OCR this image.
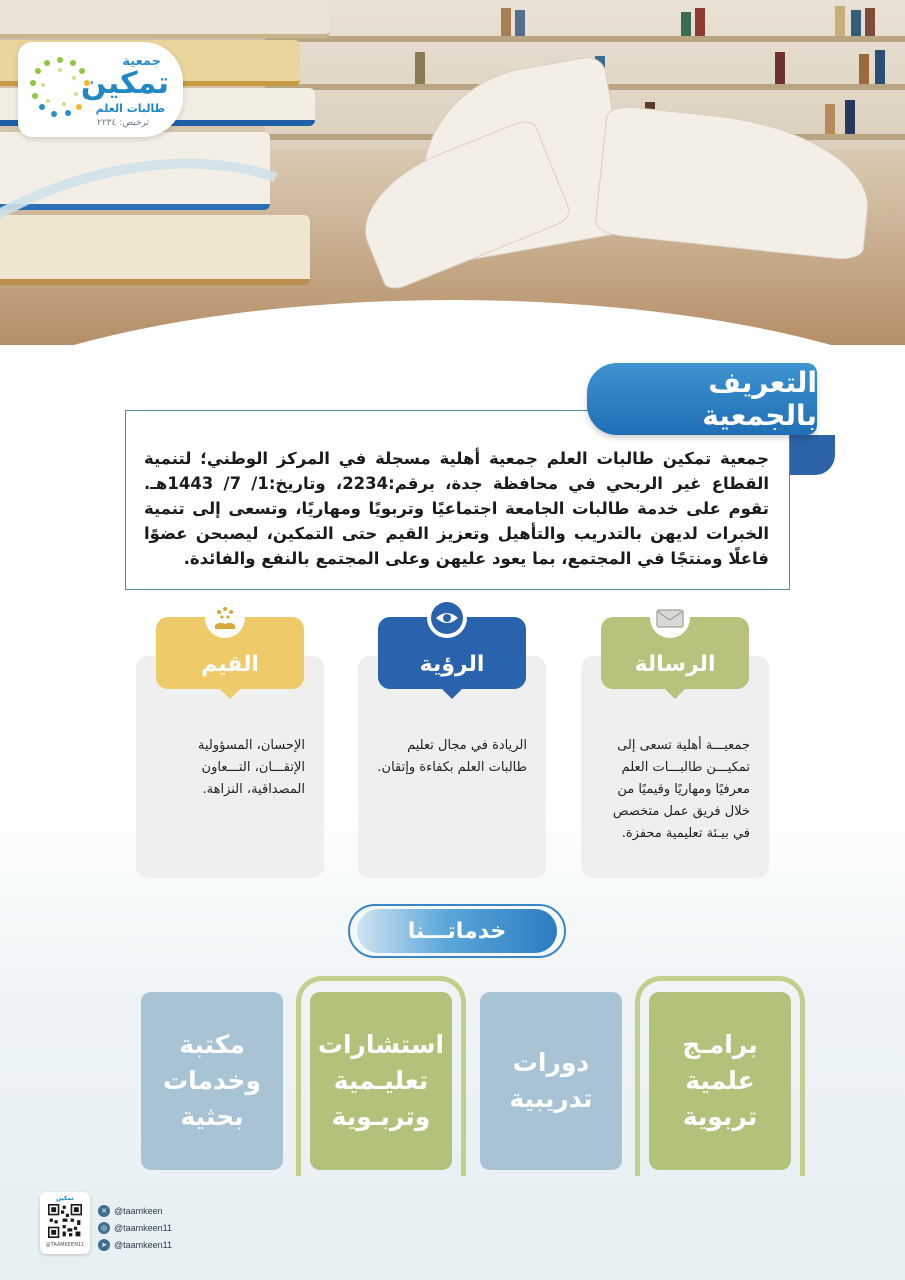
جمعية
تمكين
طالبات العلم
ترخيص: ٢٢٣٤

جمعية تمكين طالبات العلم جمعية أهلية مسجلة في المركز الوطني؛ لتنمية القطاع غير الربحي في محافظة جدة، برقم:2234، وتاريخ:1/ 7/ 1443هـ. تقوم على خدمة طالبات الجامعة اجتماعيًا وتربويًا ومهاريًا، وتسعى إلى تنمية الخبرات لديهن بالتدريب والتأهيل وتعزيز القيم حتى التمكين، ليصبحن عضوًا فاعلًا ومنتجًا في المجتمع، بما يعود عليهن وعلى المجتمع بالنفع والفائدة.

التعريف بالجمعية
الرسالة

جمعيـــة أهلية تسعى إلى تمكيـــن طالبـــات العلم معرفيًا ومهاريًا وقيميًا من خلال فريق عمل متخصص في بيـئة تعليمية محفزة.

الرؤية

الريادة في مجال تعليم طالبات العلم بكفاءة وإتقان.

القيم

الإحسان، المسؤولية الإتقـــان، التـــعاون المصداقية، النزاهة.

خدماتـــنا
برامـج علمية تربوية
دورات تدريبية
استشارات تعليـمية وتربـوية
مكتبة وخدمات بحثية
تمكين
@TAAMKEEN11
✕ @taamkeen
◎ @taamkeen11
➤ @taamkeen11
